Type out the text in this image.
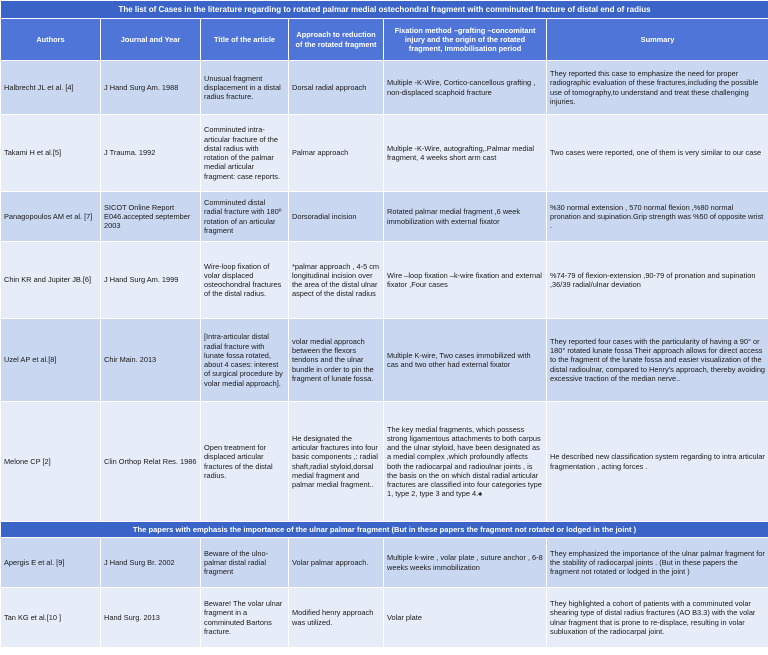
The list of Cases in the literature regarding to rotated palmar medial ostechondral fragment with comminuted fracture of distal end of radius					
Authors	Journal and Year	Title of the article	Approach to reduction of the rotated fragment	Fixation method –grafting –concomitant injury and the origin of the rotated fragment, Immobilisation period	Summary
Halbrecht JL et al. [4]	J Hand Surg Am. 1988	Unusual fragment displacement in a distal radius fracture.	Dorsal radial approach	Multiple -K-Wire, Cortico-cancellous grafting , non-displaced scaphoid fracture	They reported this case to emphasize the need for proper radiographic evaluation of these fractures,including the possible use of tomography,to understand and treat these challenging injuries.
Takami H et al.[5]	J Trauma. 1992	Comminuted intra-articular fracture of the distal radius with rotation of the palmar medial articular fragment: case reports.	Palmar approach	Multiple -K-Wire, autografting,.Palmar medial fragment, 4 weeks short arm cast	Two cases were reported, one of them is very similar to our case
Panagopoulos AM et al. [7]	SICOT Online Report E046.accepted september 2003	Comminuted distal radial fracture with 180º rotation of an articular fragment	Dorsoradial incision	Rotated palmar medial fragment ,6 week immobilization with external fixator	%30 normal extension , 570 normal flexion ,%80 normal pronation and supination.Grip strength was %50 of opposite wrist .
Chin KR and Jupiter JB.[6]	J Hand Surg Am. 1999	Wire-loop fixation of volar displaced osteochondral fractures of the distal radius.	*palmar approach , 4-5 cm longitudinal incision over the area of the distal ulnar aspect of the distal radius	Wire –loop fixation –k-wire fixation and external fixator ,Four cases	%74-79 of flexion-extension ,90-79 of pronation and supination ,36/39 radial/ulnar deviation
Uzel AP et al.[8]	Chir Main. 2013	[Intra-articular distal radial fracture with lunate fossa rotated, about 4 cases: interest of surgical procedure by volar medial approach].	volar medial approach between the flexors tendons and the ulnar bundle in order to pin the fragment of lunate fossa.	Multiple K-wire, Two cases immobilized with cas and two other had external fixator	They reported four cases with the particularity of having a 90° or 180° rotated lunate fossa Their approach allows for direct access to the fragment of the lunate fossa and easier visualization of the distal radioulnar, compared to Henry's approach, thereby avoiding excessive traction of the median nerve..
Melone CP [2]	Clin Orthop Relat Res. 1986	Open treatment for displaced articular fractures of the distal radius.	He designated the articular fractures into four basic components ,: radial shaft,radial styloid,dorsal medial fragment and palmar medial fragment..	The key medial fragments, which possess strong ligamentous attachments to both carpus and the ulnar styloid, have been designated as a medial complex ,which profoundly affects both the radiocarpal and radioulnar joints , is the basis on the on which distal radial articular fractures are classified into four categories type 1, type 2, type 3 and type 4.♠	He described new classification system regarding to intra articular fragmentation , acting forces .
The papers with emphasis the importance of the ulnar palmar fragment (But in these papers the fragment not rotated or lodged in the joint )					
Apergis E et al. [9]	J Hand Surg Br. 2002	Beware of the ulno-palmar distal radial fragment	Volar palmar approach.	Multiple k-wire , volar plate , suture anchor , 6-8 weeks weeks immobilization	They emphasized the importance of the ulnar palmar fragment for the stability of radiocarpal joints . (But in these papers the fragment not rotated or lodged in the joint )
Tan KG et al.[10 ]	Hand Surg. 2013	Beware! The volar ulnar fragment in a comminuted Bartons fracture.	Modified henry approach was utilized.	Volar plate	They highlighted a cohort of patients with a comminuted volar shearing type of distal radius fractures (AO B3.3) with the volar ulnar fragment that is prone to re-displace, resulting in volar subluxation of the radiocarpal joint.
